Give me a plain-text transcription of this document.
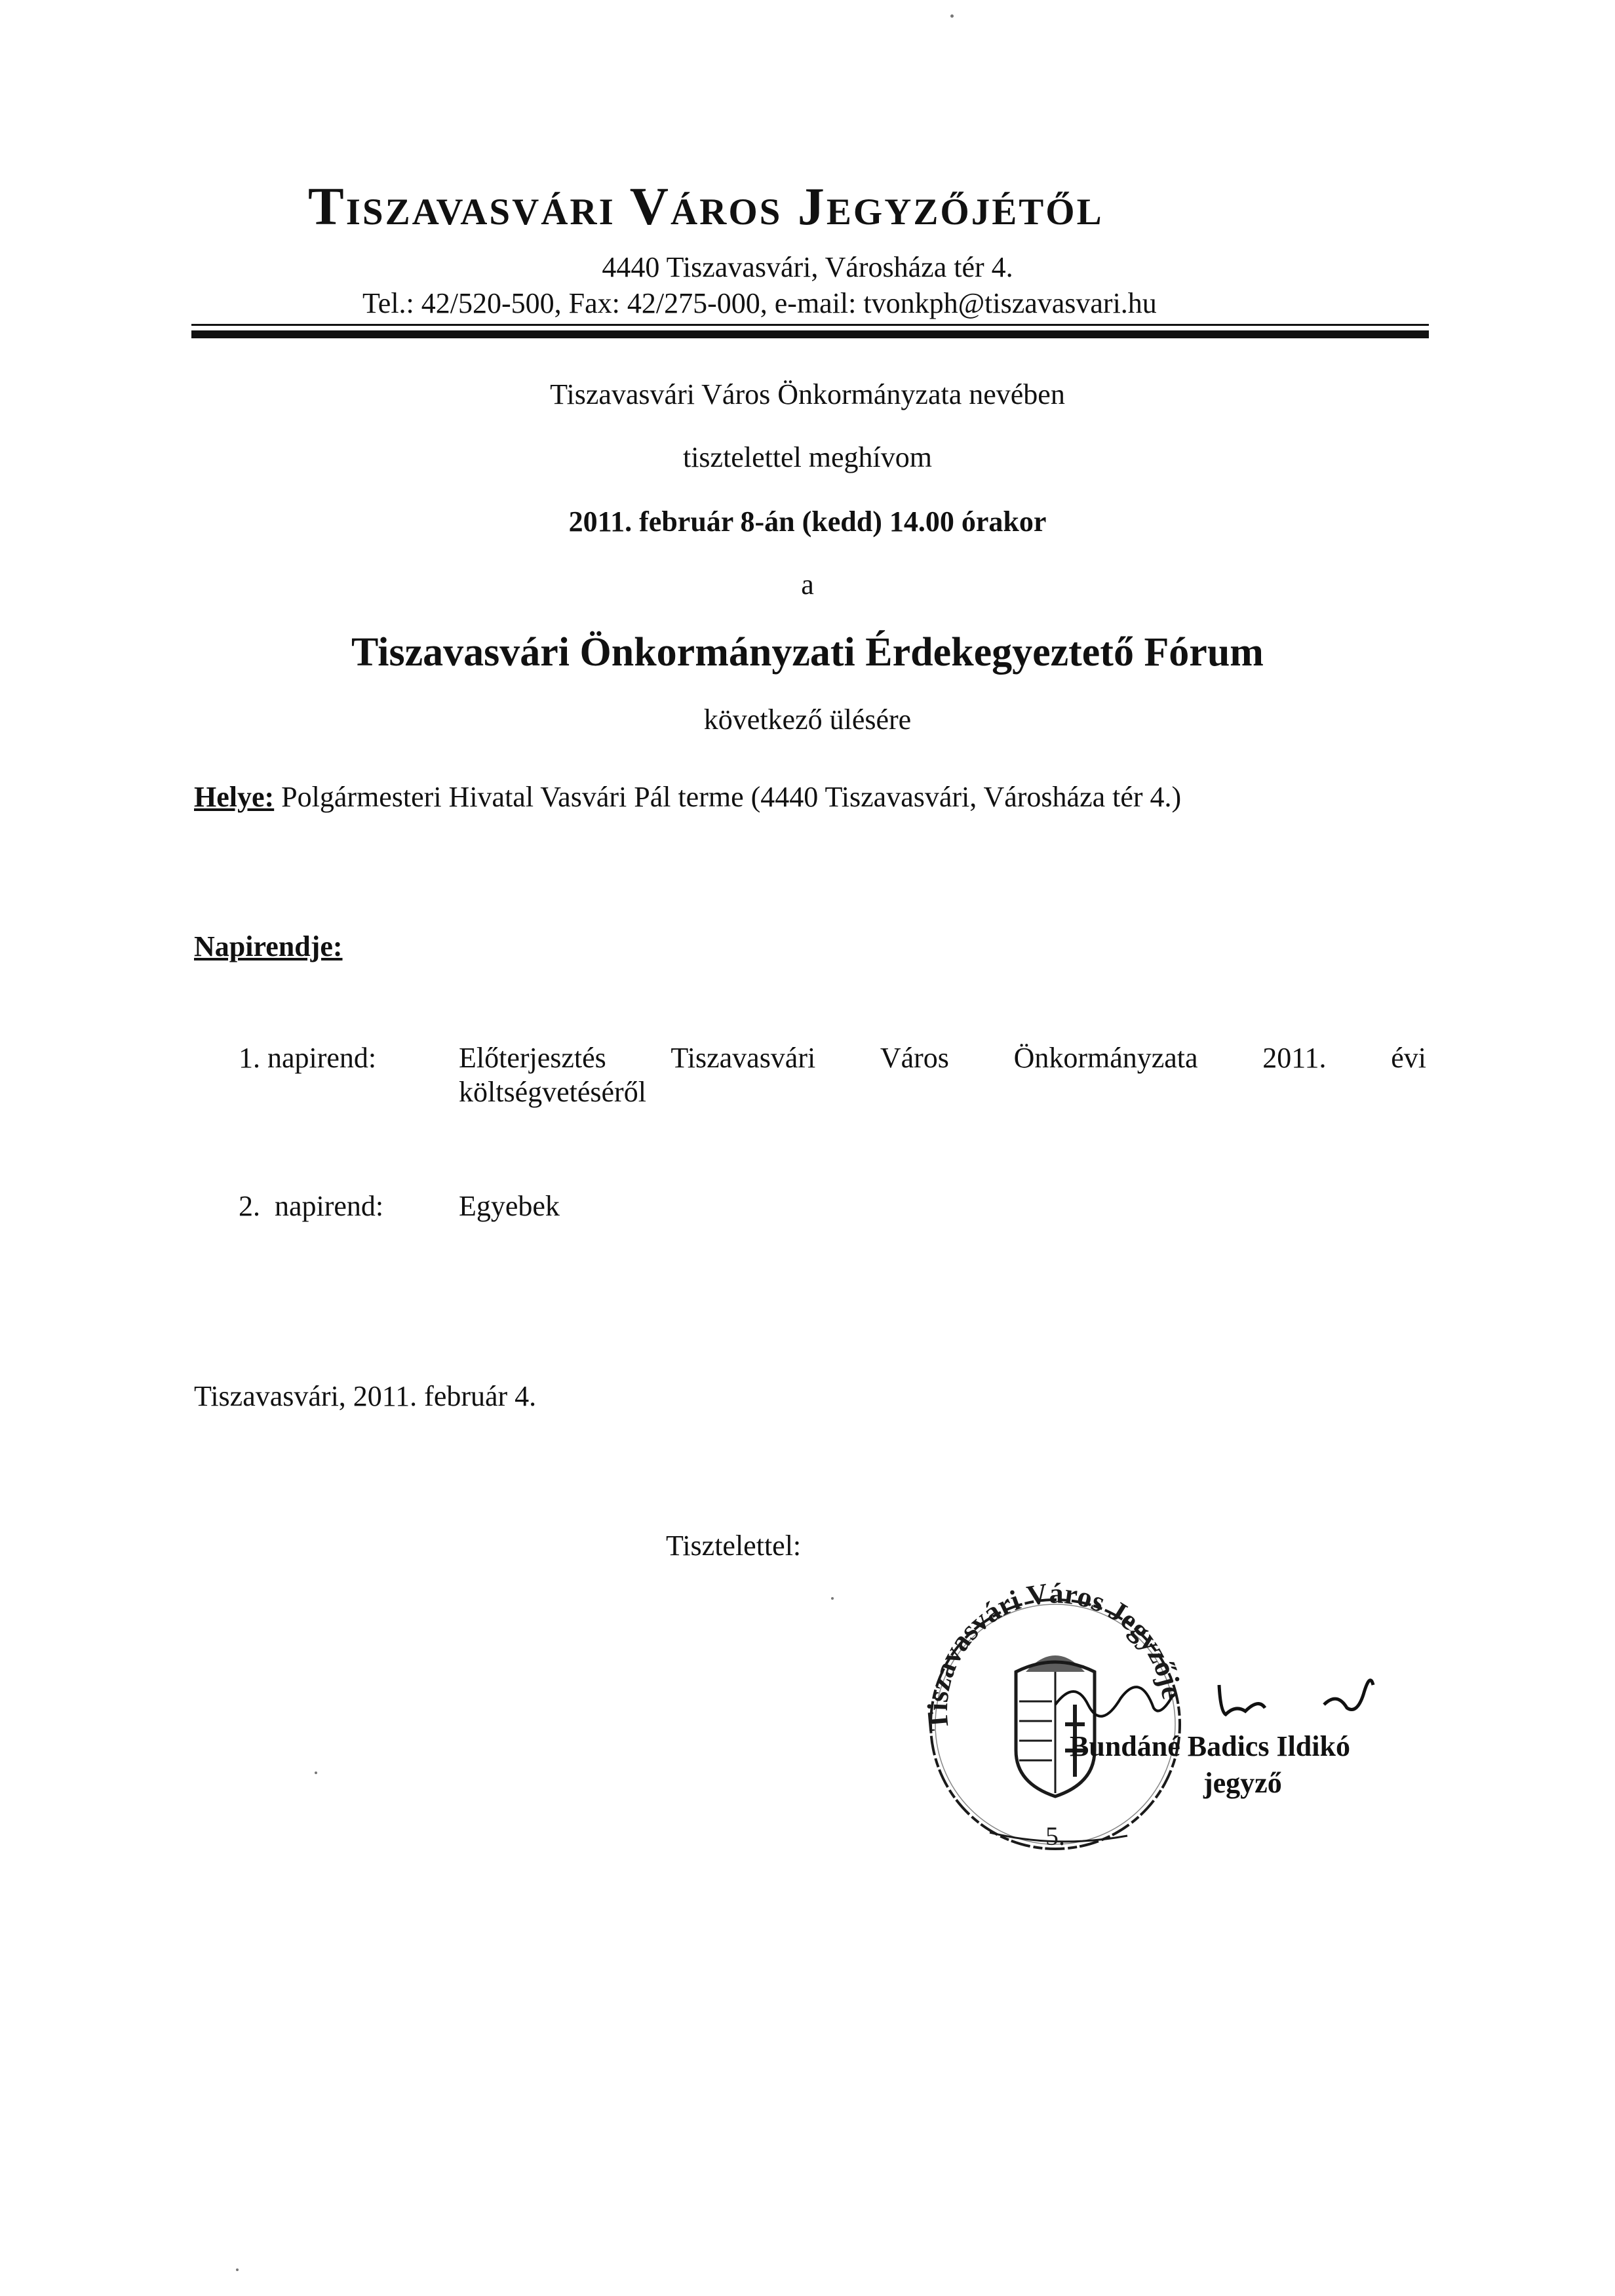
Tiszavasvári Város Jegyzőjétől
4440 Tiszavasvári, Városháza tér 4.
Tel.: 42/520-500, Fax: 42/275-000, e-mail: tvonkph@tiszavasvari.hu
Tiszavasvári Város Önkormányzata nevében
tisztelettel meghívom
2011. február 8-án (kedd) 14.00 órakor
a
Tiszavasvári Önkormányzati Érdekegyeztető Fórum
következő ülésére
Helye: Polgármesteri Hivatal Vasvári Pál terme (4440 Tiszavasvári, Városháza tér 4.)
Napirendje:
1. napirend:	Előterjesztés Tiszavasvári Város Önkormányzata 2011. évi
költségvetéséről
2.  napirend:	Egyebek
Tiszavasvári, 2011. február 4.
Tisztelettel:
Tiszavasvári Város Jegyzője
5.
Bundáné Badics Ildikó
jegyző
